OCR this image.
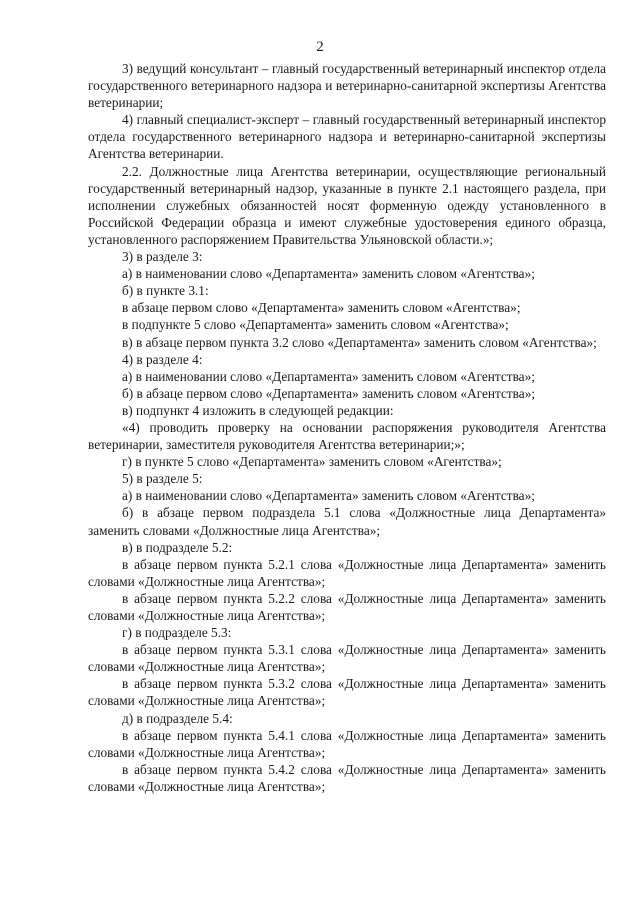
2

3) ведущий консультант – главный государственный ветеринарный инспектор отдела государственного ветеринарного надзора и ветеринарно-санитарной экспертизы Агентства ветеринарии;

4) главный специалист-эксперт – главный государственный ветеринарный инспектор отдела государственного ветеринарного надзора и ветеринарно-санитарной экспертизы Агентства ветеринарии.

2.2. Должностные лица Агентства ветеринарии, осуществляющие региональный государственный ветеринарный надзор, указанные в пункте 2.1 настоящего раздела, при исполнении служебных обязанностей носят форменную одежду установленного в Российской Федерации образца и имеют служебные удостоверения единого образца, установленного распоряжением Правительства Ульяновской области.»;

3) в разделе 3:

а) в наименовании слово «Департамента» заменить словом «Агентства»;

б) в пункте 3.1:

в абзаце первом слово «Департамента» заменить словом «Агентства»;

в подпункте 5 слово «Департамента» заменить словом «Агентства»;

в) в абзаце первом пункта 3.2 слово «Департамента» заменить словом «Агентства»;

4) в разделе 4:

а) в наименовании слово «Департамента» заменить словом «Агентства»;

б) в абзаце первом слово «Департамента» заменить словом «Агентства»;

в) подпункт 4 изложить в следующей редакции:

«4) проводить проверку на основании распоряжения руководителя Агентства ветеринарии, заместителя руководителя Агентства ветеринарии;»;

г) в пункте 5 слово «Департамента» заменить словом «Агентства»;

5) в разделе 5:

а) в наименовании слово «Департамента» заменить словом «Агентства»;

б) в абзаце первом подраздела 5.1 слова «Должностные лица Департамента» заменить словами «Должностные лица Агентства»;

в) в подразделе 5.2:

в абзаце первом пункта 5.2.1 слова «Должностные лица Департамента» заменить словами «Должностные лица Агентства»;

в абзаце первом пункта 5.2.2 слова «Должностные лица Департамента» заменить словами «Должностные лица Агентства»;

г) в подразделе 5.3:

в абзаце первом пункта 5.3.1 слова «Должностные лица Департамента» заменить словами «Должностные лица Агентства»;

в абзаце первом пункта 5.3.2 слова «Должностные лица Департамента» заменить словами «Должностные лица Агентства»;

д) в подразделе 5.4:

в абзаце первом пункта 5.4.1 слова «Должностные лица Департамента» заменить словами «Должностные лица Агентства»;

в абзаце первом пункта 5.4.2 слова «Должностные лица Департамента» заменить словами «Должностные лица Агентства»;
